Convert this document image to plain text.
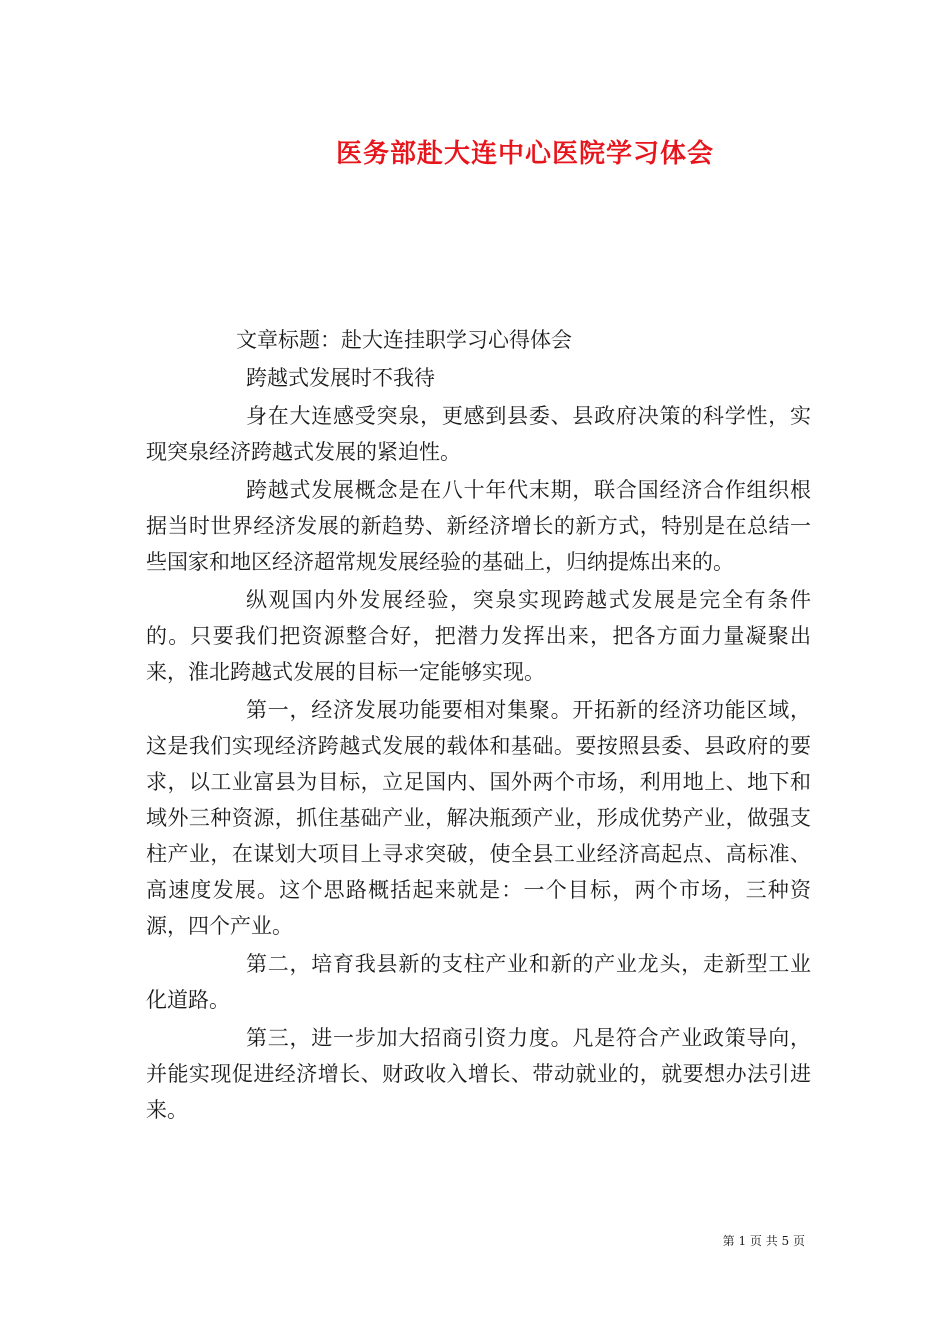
医务部赴大连中心医院学习体会

文章标题：赴大连挂职学习心得体会

跨越式发展时不我待

身在大连感受突泉，更感到县委、县政府决策的科学性，实现突泉经济跨越式发展的紧迫性。

跨越式发展概念是在八十年代末期，联合国经济合作组织根据当时世界经济发展的新趋势、新经济增长的新方式，特别是在总结一些国家和地区经济超常规发展经验的基础上，归纳提炼出来的。

纵观国内外发展经验，突泉实现跨越式发展是完全有条件的。只要我们把资源整合好，把潜力发挥出来，把各方面力量凝聚出来，淮北跨越式发展的目标一定能够实现。

第一，经济发展功能要相对集聚。开拓新的经济功能区域，这是我们实现经济跨越式发展的载体和基础。要按照县委、县政府的要求，以工业富县为目标，立足国内、国外两个市场，利用地上、地下和域外三种资源，抓住基础产业，解决瓶颈产业，形成优势产业，做强支柱产业，在谋划大项目上寻求突破，使全县工业经济高起点、高标准、高速度发展。这个思路概括起来就是：一个目标，两个市场，三种资源，四个产业。

第二，培育我县新的支柱产业和新的产业龙头，走新型工业化道路。

第三，进一步加大招商引资力度。凡是符合产业政策导向，并能实现促进经济增长、财政收入增长、带动就业的，就要想办法引进来。

第 1 页 共 5 页
